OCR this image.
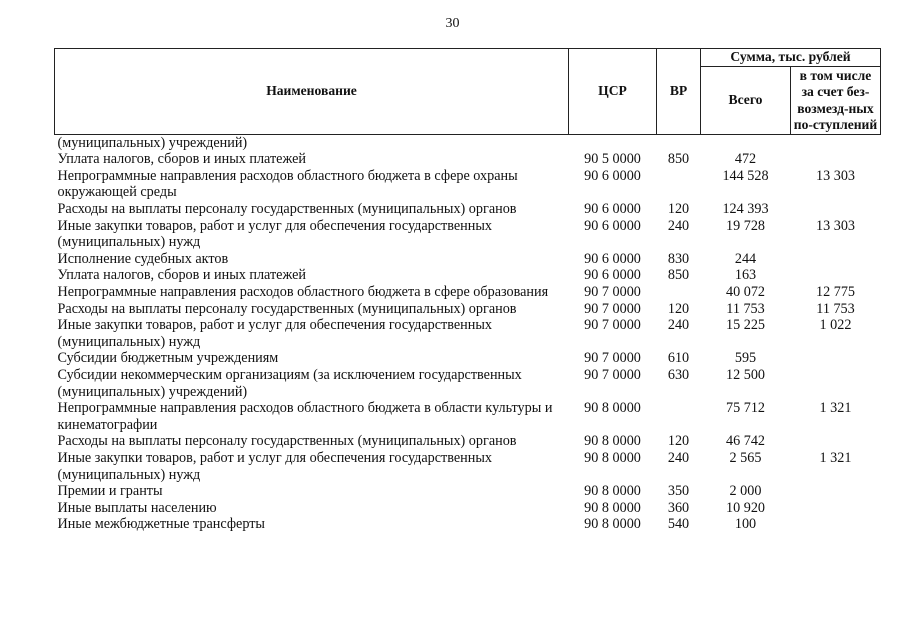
30
Наименование	ЦСР	ВР	Сумма, тыс. рублей	
			Всего	в том числе за счет без-возмезд-ных по-ступлений
(муниципальных) учреждений)				
Уплата налогов, сборов и иных платежей	90 5 0000	850	472	
Непрограммные направления расходов областного бюджета в сфере охраны окружающей среды	90 6 0000		144 528	13 303
Расходы на выплаты персоналу государственных (муниципальных) органов	90 6 0000	120	124 393	
Иные закупки товаров, работ и услуг для обеспечения государственных (муниципальных) нужд	90 6 0000	240	19 728	13 303
Исполнение судебных актов	90 6 0000	830	244	
Уплата налогов, сборов и иных платежей	90 6 0000	850	163	
Непрограммные направления расходов областного бюджета в сфере образования	90 7 0000		40 072	12 775
Расходы на выплаты персоналу государственных (муниципальных) органов	90 7 0000	120	11 753	11 753
Иные закупки товаров, работ и услуг для обеспечения государственных (муниципальных) нужд	90 7 0000	240	15 225	1 022
Субсидии бюджетным учреждениям	90 7 0000	610	595	
Субсидии некоммерческим организациям (за исключением государственных (муниципальных) учреждений)	90 7 0000	630	12 500	
Непрограммные направления расходов областного бюджета в области культуры и кинематографии	90 8 0000		75 712	1 321
Расходы на выплаты персоналу государственных (муниципальных) органов	90 8 0000	120	46 742	
Иные закупки товаров, работ и услуг для обеспечения государственных (муниципальных) нужд	90 8 0000	240	2 565	1 321
Премии и гранты	90 8 0000	350	2 000	
Иные выплаты населению	90 8 0000	360	10 920	
Иные межбюджетные трансферты	90 8 0000	540	100	
